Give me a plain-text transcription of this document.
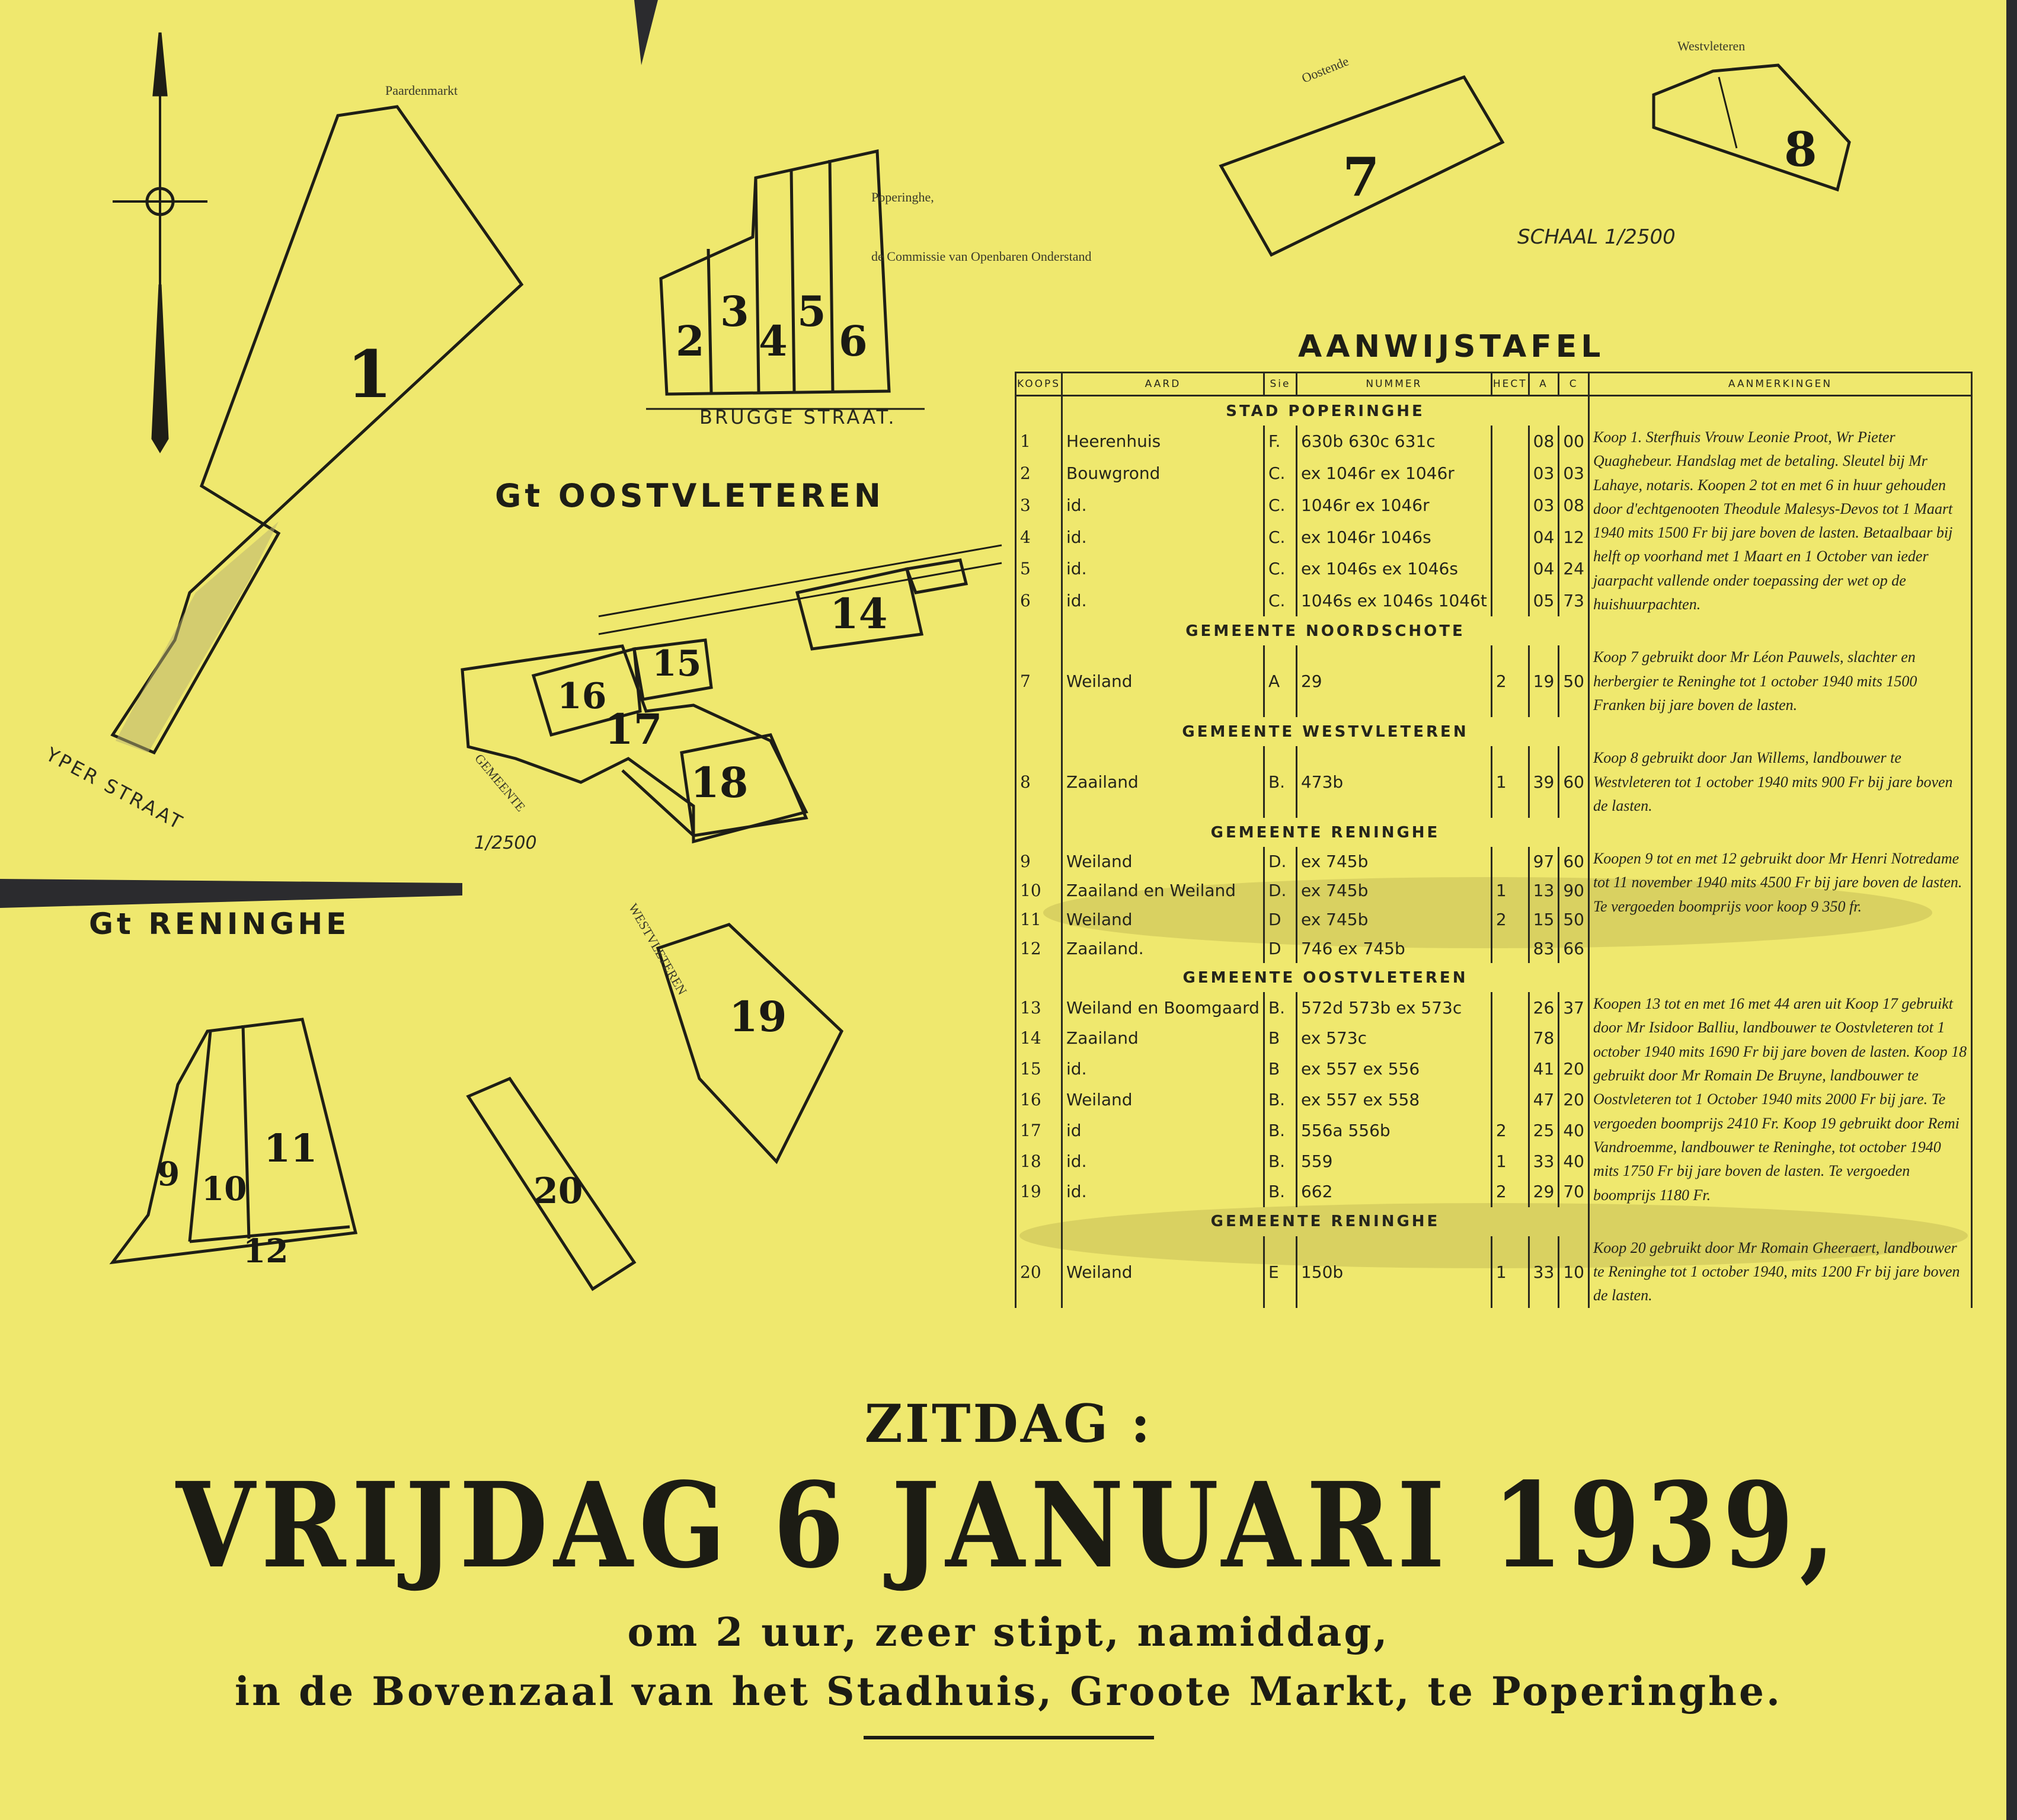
1	2
3
4
5
6
7	8
14
15
16
17
18
19
9 10
11
12
20
YPER STRAAT
BRUGGE STRAAT.
WESTVLETEREN
GEMEENTE
Paardenmarkt
Poperinghe,
de Commissie van Openbaren Onderstand
Oostende
Westvleteren
Gt OOSTVLETEREN
Gt RENINGHE
SCHAAL 1/2500
1/2500
AANWIJSTAFEL
KOOPS	AARD	Sie	NUMMER	HECT	A	C	AANMERKINGEN
	STAD POPERINGHE						
1	Heerenhuis	F.	630b 630c 631c		08	00	Koop 1. Sterfhuis Vrouw Leonie Proot, Wr Pieter Quaghebeur. Handslag met de betaling. Sleutel bij Mr Lahaye, notaris. Koopen 2 tot en met 6 in huur gehouden door d'echtgenooten Theodule Malesys-Devos tot 1 Maart 1940 mits 1500 Fr bij jare boven de lasten. Betaalbaar bij helft op voorhand met 1 Maart en 1 October van ieder jaarpacht vallende onder toepassing der wet op de huishuurpachten.
2	Bouwgrond	C.	ex 1046r ex 1046r		03	03	
3	id.	C.	1046r ex 1046r		03	08	
4	id.	C.	ex 1046r 1046s		04	12	
5	id.	C.	ex 1046s ex 1046s		04	24	
6	id.	C.	1046s ex 1046s 1046t		05	73	
	GEMEENTE NOORDSCHOTE						
7	Weiland	A	29	2	19	50	Koop 7 gebruikt door Mr Léon Pauwels, slachter en herbergier te Reninghe tot 1 october 1940 mits 1500 Franken bij jare boven de lasten.
	GEMEENTE WESTVLETEREN						
8	Zaailand	B.	473b	1	39	60	Koop 8 gebruikt door Jan Willems, landbouwer te Westvleteren tot 1 october 1940 mits 900 Fr bij jare boven de lasten.
	GEMEENTE RENINGHE						
9	Weiland	D.	ex 745b		97	60	Koopen 9 tot en met 12 gebruikt door Mr Henri Notredame tot 11 november 1940 mits 4500 Fr bij jare boven de lasten. Te vergoeden boomprijs voor koop 9 350 fr.
10	Zaailand en Weiland	D.	ex 745b	1	13	90	
11	Weiland	D	ex 745b	2	15	50	
12	Zaailand.	D	746 ex 745b		83	66	
	GEMEENTE OOSTVLETEREN						
13	Weiland en Boomgaard	B.	572d 573b ex 573c		26	37	Koopen 13 tot en met 16 met 44 aren uit Koop 17 gebruikt door Mr Isidoor Balliu, landbouwer te Oostvleteren tot 1 october 1940 mits 1690 Fr bij jare boven de lasten. Koop 18 gebruikt door Mr Romain De Bruyne, landbouwer te Oostvleteren tot 1 October 1940 mits 2000 Fr bij jare. Te vergoeden boomprijs 2410 Fr. Koop 19 gebruikt door Remi Vandroemme, landbouwer te Reninghe, tot october 1940 mits 1750 Fr bij jare boven de lasten. Te vergoeden boomprijs 1180 Fr.
14	Zaailand	B	ex 573c		78		
15	id.	B	ex 557 ex 556		41	20	
16	Weiland	B.	ex 557 ex 558		47	20	
17	id	B.	556a 556b	2	25	40	
18	id.	B.	559	1	33	40	
19	id.	B.	662	2	29	70	
	GEMEENTE RENINGHE						
20	Weiland	E	150b	1	33	10	Koop 20 gebruikt door Mr Romain Gheeraert, landbouwer te Reninghe tot 1 october 1940, mits 1200 Fr bij jare boven de lasten.
ZITDAG :
VRIJDAG 6 JANUARI 1939,
om 2 uur, zeer stipt, namiddag,
in de Bovenzaal van het Stadhuis, Groote Markt, te Poperinghe.
